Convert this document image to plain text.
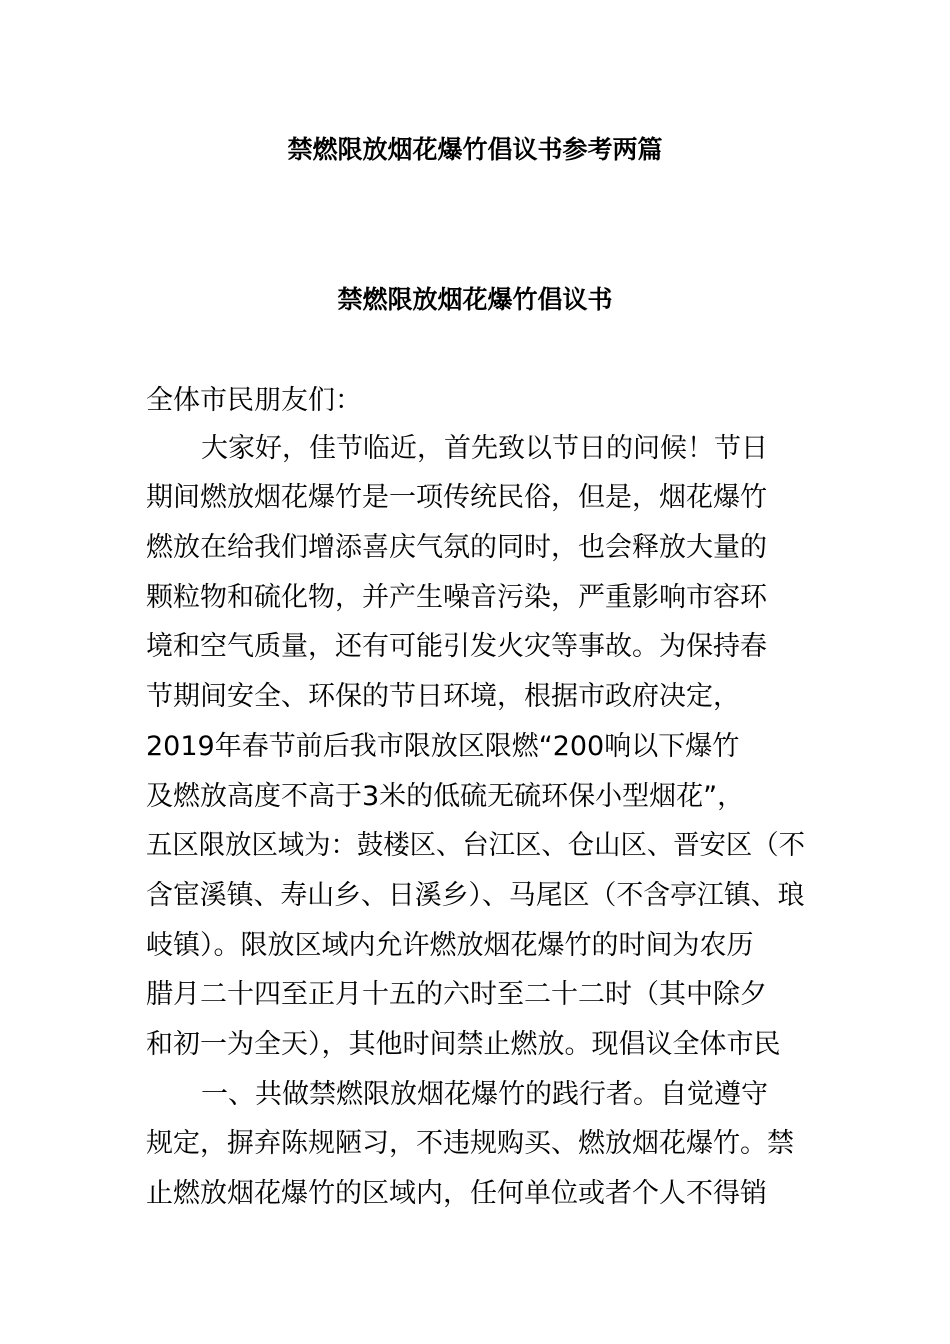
禁燃限放烟花爆竹倡议书参考两篇
禁燃限放烟花爆竹倡议书
全体市民朋友们：
大家好，佳节临近，首先致以节日的问候！节日
期间燃放烟花爆竹是一项传统民俗，但是，烟花爆竹
燃放在给我们增添喜庆气氛的同时，也会释放大量的
颗粒物和硫化物，并产生噪音污染，严重影响市容环
境和空气质量，还有可能引发火灾等事故。为保持春
节期间安全、环保的节日环境，根据市政府决定，
2019年春节前后我市限放区限燃“200响以下爆竹
及燃放高度不高于3米的低硫无硫环保小型烟花”，
五区限放区域为：鼓楼区、台江区、仓山区、晋安区（不
含宦溪镇、寿山乡、日溪乡）、马尾区（不含亭江镇、琅
岐镇）。限放区域内允许燃放烟花爆竹的时间为农历
腊月二十四至正月十五的六时至二十二时（其中除夕
和初一为全天），其他时间禁止燃放。现倡议全体市民
一、共做禁燃限放烟花爆竹的践行者。自觉遵守
规定，摒弃陈规陋习，不违规购买、燃放烟花爆竹。禁
止燃放烟花爆竹的区域内，任何单位或者个人不得销
